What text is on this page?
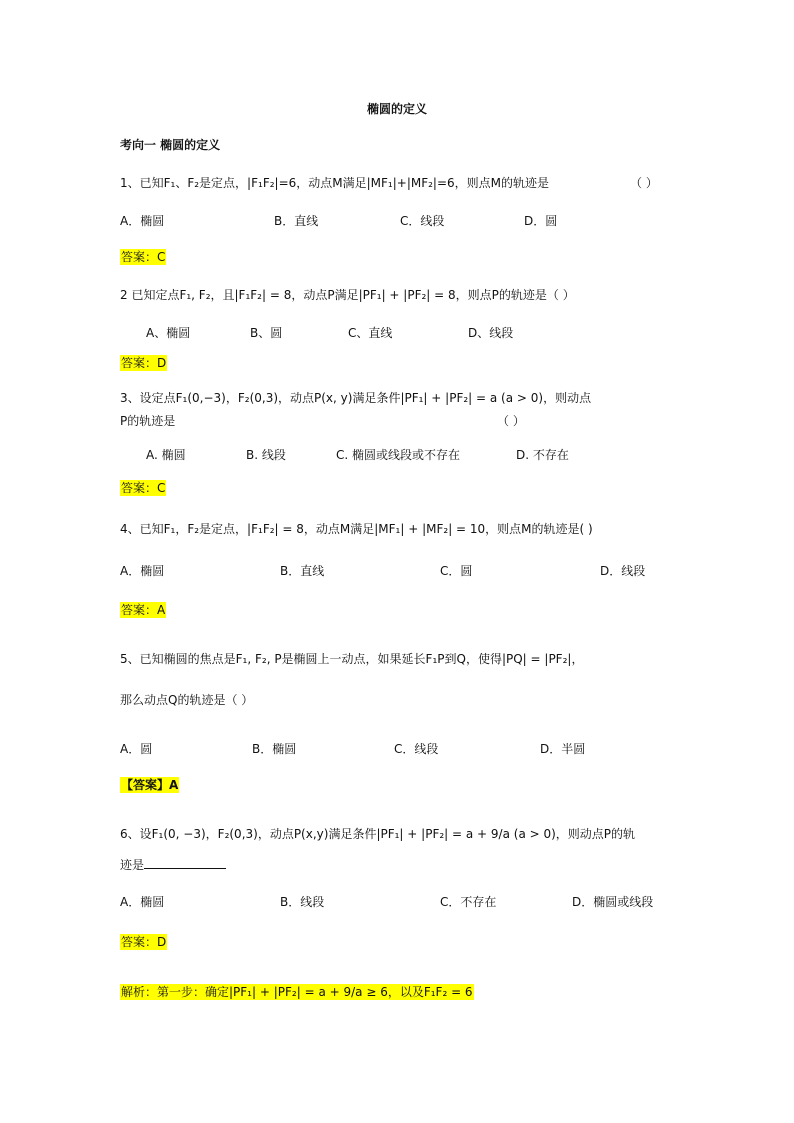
椭圆的定义
考向一 椭圆的定义
1、已知F₁、F₂是定点，|F₁F₂|=6，动点M满足|MF₁|+|MF₂|=6，则点M的轨迹是	（ ）
A．椭圆	B．直线	C．线段	D．圆
答案：C
2 已知定点F₁, F₂，且|F₁F₂| = 8，动点P满足|PF₁| + |PF₂| = 8，则点P的轨迹是（ ）
A、椭圆	B、圆	C、直线	D、线段
答案：D
3、设定点F₁(0,−3)，F₂(0,3)，动点P(x, y)满足条件|PF₁| + |PF₂| = a (a > 0)，则动点
P的轨迹是	（ ）
A. 椭圆	B. 线段	C. 椭圆或线段或不存在	D. 不存在
答案：C
4、已知F₁，F₂是定点，|F₁F₂| = 8，动点M满足|MF₁| + |MF₂| = 10，则点M的轨迹是( )
A．椭圆	B．直线	C．圆	D．线段
答案：A
5、已知椭圆的焦点是F₁, F₂, P是椭圆上一动点，如果延长F₁P到Q，使得|PQ| = |PF₂|，
那么动点Q的轨迹是（ ）
A．圆	B．椭圆	C．线段	D．半圆
【答案】A
6、设F₁(0, −3)，F₂(0,3)，动点P(x,y)满足条件|PF₁| + |PF₂| = a + 9/a (a > 0)，则动点P的轨
迹是
A．椭圆	B．线段	C．不存在	D．椭圆或线段
答案：D
解析：第一步：确定|PF₁| + |PF₂| = a + 9/a ≥ 6，以及F₁F₂ = 6
